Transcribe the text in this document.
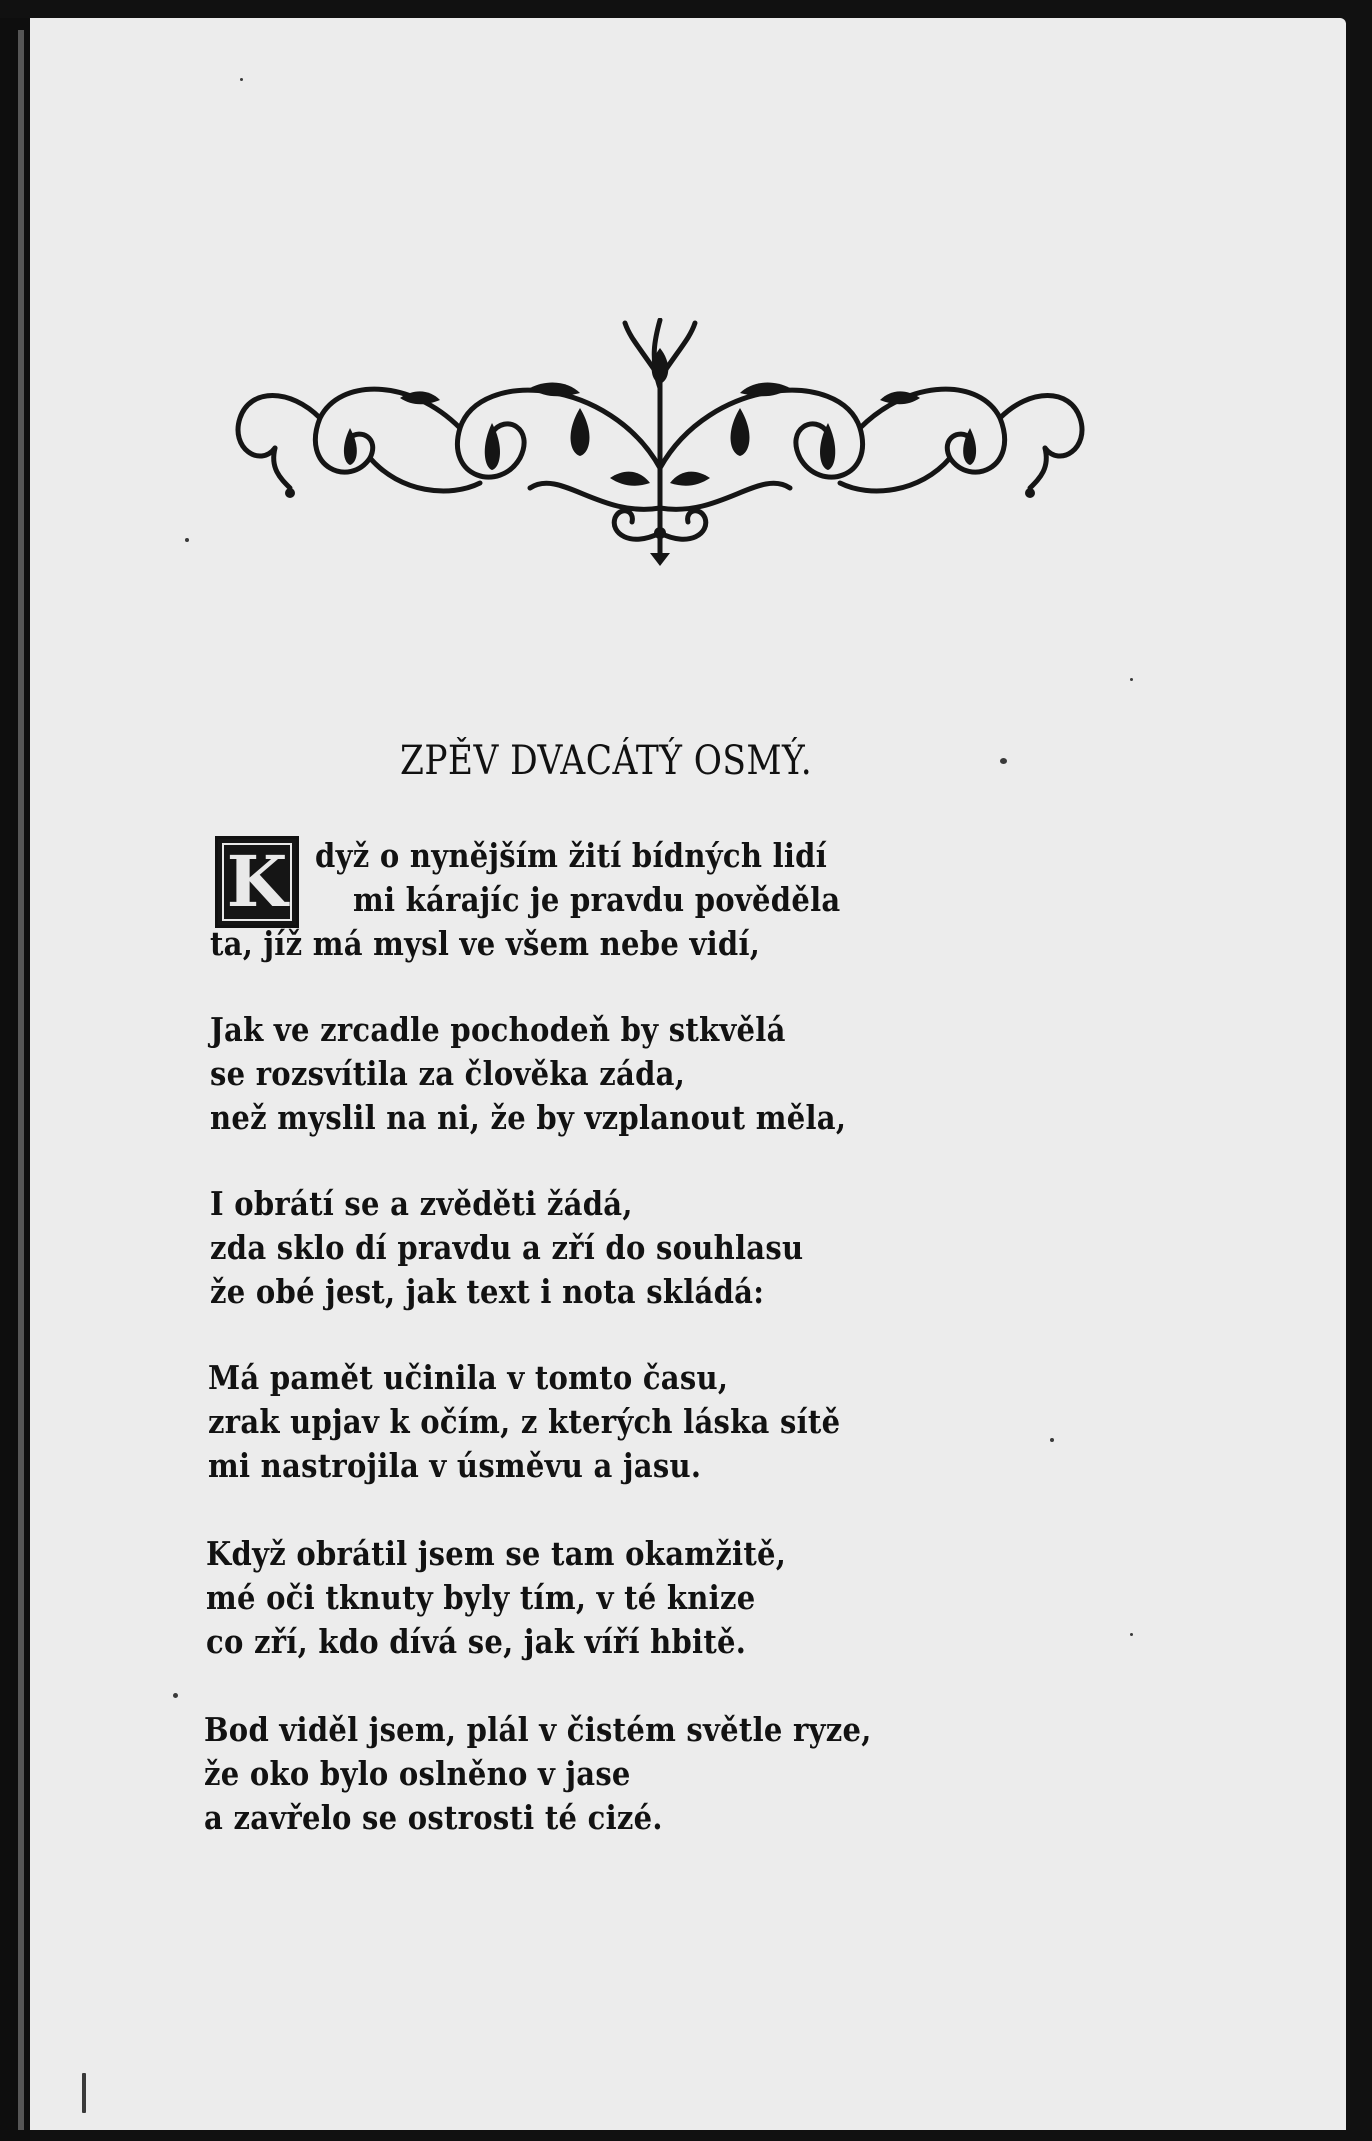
ZPĚV DVACÁTÝ OSMÝ.
K dyž o nynějším žití bídných lidí
mi kárajíc je pravdu pověděla
ta, jíž má mysl ve všem nebe vidí,
Jak ve zrcadle pochodeň by stkvělá
se rozsvítila za člověka záda,
než myslil na ni, že by vzplanout měla,
I obrátí se a zvěděti žádá,
zda sklo dí pravdu a zří do souhlasu
že obé jest, jak text i nota skládá:
Má pamět učinila v tomto času,
zrak upjav k očím, z kterých láska sítě
mi nastrojila v úsměvu a jasu.
Když obrátil jsem se tam okamžitě,
mé oči tknuty byly tím, v té knize
co zří, kdo dívá se, jak víří hbitě.
Bod viděl jsem, plál v čistém světle ryze,
že oko bylo oslněno v jase
a zavřelo se ostrosti té cizé.
